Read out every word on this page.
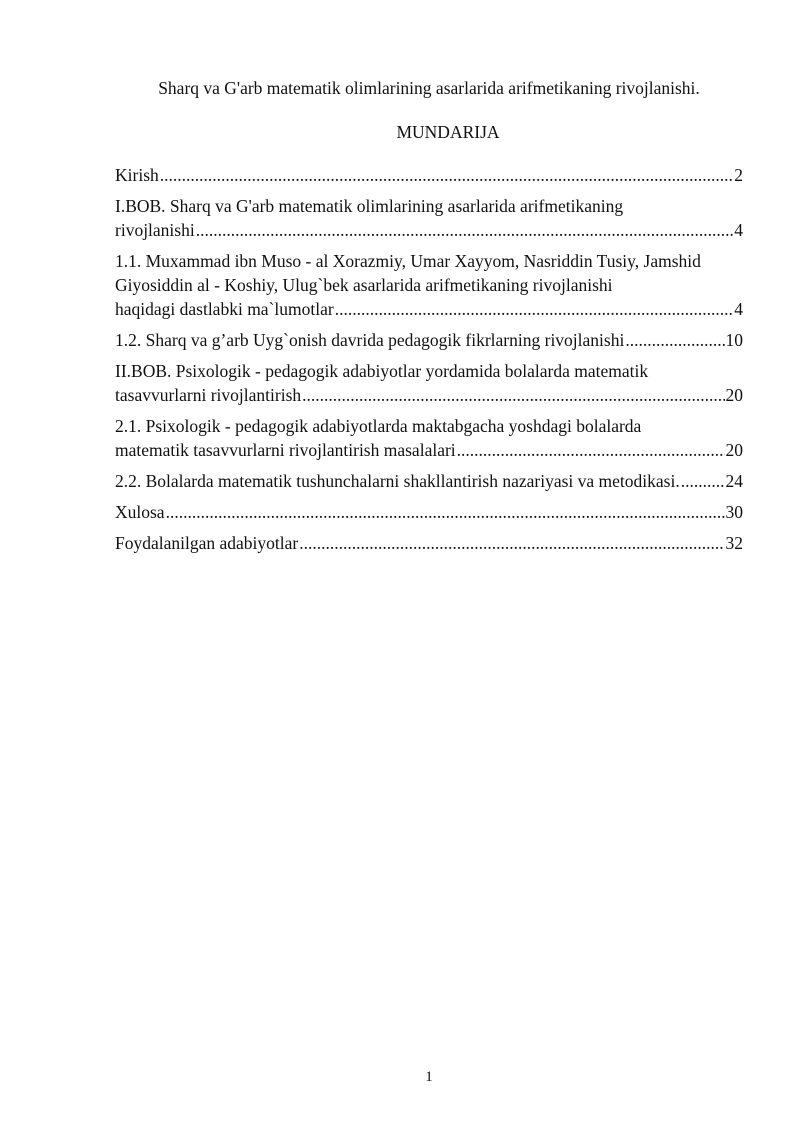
Sharq va G'arb matematik olimlarining asarlarida arifmetikaning rivojlanishi.
MUNDARIJA
Kirish .....	2
I.BOB. Sharq va G'arb matematik olimlarining asarlarida arifmetikaning
rivojlanishi .....	4
1.1. Muxammad ibn Muso - al Xorazmiy, Umar Xayyom, Nasriddin Tusiy, Jamshid Giyosiddin al - Koshiy, Ulug`bek asarlarida arifmetikaning rivojlanishi
haqidagi dastlabki ma`lumotlar .....	4
1.2. Sharq va g’arb Uyg`onish davrida pedagogik fikrlarning rivojlanishi .....	10
II.BOB. Psixologik - pedagogik adabiyotlar yordamida bolalarda matematik
tasavvurlarni rivojlantirish .....	20
2.1. Psixologik - pedagogik adabiyotlarda maktabgacha yoshdagi bolalarda
matematik tasavvurlarni rivojlantirish masalalari .....	20
2.2. Bolalarda matematik tushunchalarni shakllantirish nazariyasi va metodikasi. .....	24
Xulosa .....	30
Foydalanilgan adabiyotlar .....	32
1
